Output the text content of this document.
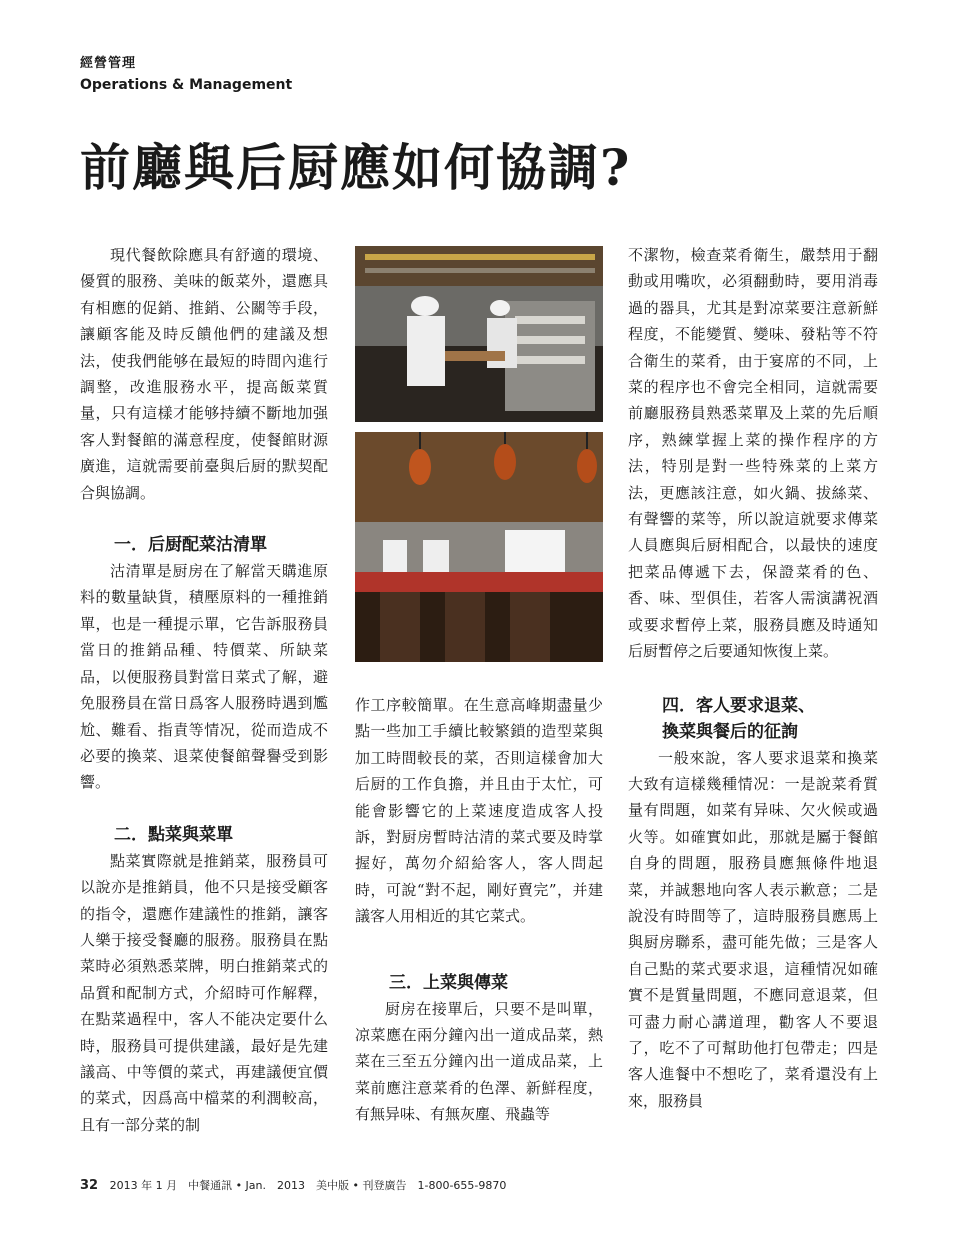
經營管理
Operations & Management
前廳與后厨應如何協調?

現代餐飲除應具有舒適的環境、優質的服務、美味的飯菜外，還應具有相應的促銷、推銷、公關等手段，讓顧客能及時反饋他們的建議及想法，使我們能够在最短的時間內進行調整，改進服務水平，提高飯菜質量，只有這樣才能够持續不斷地加强客人對餐館的滿意程度，使餐館財源廣進，這就需要前臺與后厨的默契配合與協調。

一．后厨配菜沽清單

沽清單是厨房在了解當天購進原料的數量缺貨，積壓原料的一種推銷單，也是一種提示單，它告訴服務員當日的推銷品種、特價菜、所缺菜品，以便服務員對當日菜式了解，避免服務員在當日爲客人服務時遇到尷尬、難看、指責等情况，從而造成不必要的換菜、退菜使餐館聲譽受到影響。

二．點菜與菜單

點菜實際就是推銷菜，服務員可以說亦是推銷員，他不只是接受顧客的指令，還應作建議性的推銷，讓客人樂于接受餐廳的服務。服務員在點菜時必須熟悉菜牌，明白推銷菜式的品質和配制方式，介紹時可作解釋，在點菜過程中，客人不能决定要什么時，服務員可提供建議，最好是先建議高、中等價的菜式，再建議便宜價的菜式，因爲高中檔菜的利潤較高，且有一部分菜的制

作工序較簡單。在生意高峰期盡量少點一些加工手續比較繁鎖的造型菜與加工時間較長的菜，否則這樣會加大后厨的工作負擔，并且由于太忙，可能會影響它的上菜速度造成客人投訴，對厨房暫時沽清的菜式要及時掌握好，萬勿介紹給客人，客人問起時，可說“對不起，剛好賣完”，并建議客人用相近的其它菜式。

三．上菜與傳菜

厨房在接單后，只要不是叫單，凉菜應在兩分鐘內出一道成品菜，熱菜在三至五分鐘內出一道成品菜，上菜前應注意菜肴的色澤、新鮮程度，有無异味、有無灰塵、飛蟲等

不潔物，檢查菜肴衛生，嚴禁用于翻動或用嘴吹，必須翻動時，要用消毒過的器具，尤其是對凉菜要注意新鮮程度，不能變質、變味、發粘等不符合衛生的菜肴，由于宴席的不同，上菜的程序也不會完全相同，這就需要前廳服務員熟悉菜單及上菜的先后順序，熟練掌握上菜的操作程序的方法，特別是對一些特殊菜的上菜方法，更應該注意，如火鍋、拔絲菜、有聲響的菜等，所以說這就要求傳菜人員應與后厨相配合，以最快的速度把菜品傳遞下去，保證菜肴的色、香、味、型俱佳，若客人需演講祝酒或要求暫停上菜，服務員應及時通知后厨暫停之后要通知恢復上菜。

四．客人要求退菜、

換菜與餐后的征詢

一般來說，客人要求退菜和換菜大致有這樣幾種情况：一是說菜肴質量有問題，如菜有异味、欠火候或過火等。如確實如此，那就是屬于餐館自身的問題，服務員應無條件地退菜，并誠懇地向客人表示歉意；二是說没有時間等了，這時服務員應馬上與厨房聯系，盡可能先做；三是客人自己點的菜式要求退，這種情况如確實不是質量問題，不應同意退菜，但可盡力耐心講道理，勸客人不要退了，吃不了可幫助他打包帶走；四是客人進餐中不想吃了，菜肴還没有上來，服務員

32 2013 年 1 月　中餐通訊 • Jan.　2013　美中版 • 刊登廣告　1-800-655-9870
